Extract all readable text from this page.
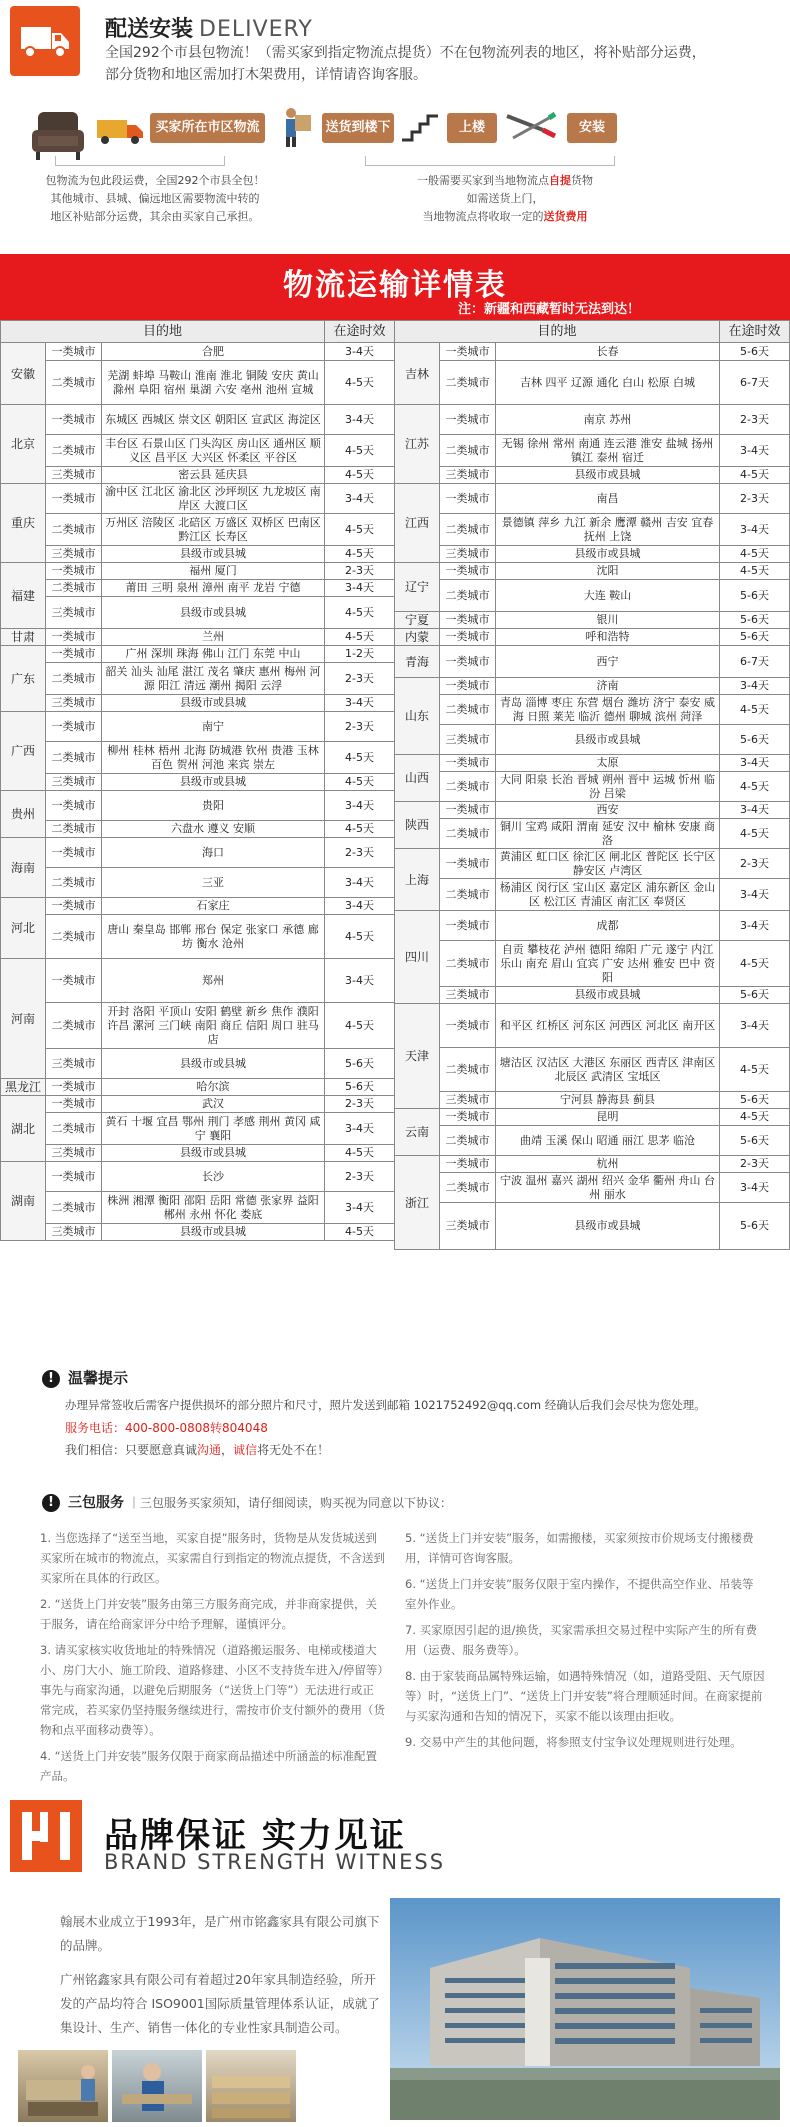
配送安装 DELIVERY
全国292个市县包物流！（需买家到指定物流点提货）不在包物流列表的地区，将补贴部分运费，
部分货物和地区需加打木架费用，详情请咨询客服。
买家所在市区物流点
送货到楼下	上楼	安装
包物流为包此段运费，全国292个市县全包！
其他城市、县城、偏远地区需要物流中转的
地区补贴部分运费，其余由买家自己承担。
一般需要买家到当地物流点自提货物
如需送货上门，
当地物流点将收取一定的送货费用
物流运输详情表
注：新疆和西藏暂时无法到达！
目的地			在途时效	目的地			在途时效
安徽	一类城市	合肥	3-4天	吉林	一类城市	长春	5-6天
	二类城市	芜湖 蚌埠 马鞍山 淮南 淮北 铜陵 安庆 黄山 滁州 阜阳 宿州 巢湖 六安 亳州 池州 宣城	4-5天		二类城市	吉林 四平 辽源 通化 白山 松原 白城	6-7天
北京	一类城市	东城区 西城区 崇文区 朝阳区 宣武区 海淀区	3-4天	江苏	一类城市	南京 苏州	2-3天
	二类城市	丰台区 石景山区 门头沟区 房山区 通州区 顺义区 昌平区 大兴区 怀柔区 平谷区	4-5天		二类城市	无锡 徐州 常州 南通 连云港 淮安 盐城 扬州 镇江 泰州 宿迁	3-4天
	三类城市	密云县 延庆县	4-5天		三类城市	县级市或县城	4-5天
重庆	一类城市	渝中区 江北区 渝北区 沙坪坝区 九龙坡区 南岸区 大渡口区	3-4天	江西	一类城市	南昌	2-3天
	二类城市	万州区 涪陵区 北碚区 万盛区 双桥区 巴南区 黔江区 长寿区	4-5天		二类城市	景德镇 萍乡 九江 新余 鹰潭 赣州 吉安 宜春 抚州 上饶	3-4天
	三类城市	县级市或县城	4-5天		三类城市	县级市或县城	4-5天
福建	一类城市	福州 厦门	2-3天	辽宁	一类城市	沈阳	4-5天
	二类城市	莆田 三明 泉州 漳州 南平 龙岩 宁德	3-4天		二类城市	大连 鞍山	5-6天
	三类城市	县级市或县城	4-5天				
				宁夏	一类城市	银川	5-6天
甘肃	一类城市	兰州	4-5天	内蒙	一类城市	呼和浩特	5-6天
广东	一类城市	广州 深圳 珠海 佛山 江门 东莞 中山	1-2天	青海	一类城市	西宁	6-7天
	二类城市	韶关 汕头 汕尾 湛江 茂名 肇庆 惠州 梅州 河源 阳江 清远 潮州 揭阳 云浮	2-3天				
				山东	一类城市	济南	3-4天
	三类城市	县级市或县城	3-4天		二类城市	青岛 淄博 枣庄 东营 烟台 潍坊 济宁 泰安 威海 日照 莱芜 临沂 德州 聊城 滨州 菏泽	4-5天
广西	一类城市	南宁	2-3天				
					三类城市	县级市或县城	5-6天
	二类城市	柳州 桂林 梧州 北海 防城港 钦州 贵港 玉林 百色 贺州 河池 来宾 崇左	4-5天				
				山西	一类城市	太原	3-4天
					二类城市	大同 阳泉 长治 晋城 朔州 晋中 运城 忻州 临汾 吕梁	4-5天
	三类城市	县级市或县城	4-5天				
贵州	一类城市	贵阳	3-4天				
				陕西	一类城市	西安	3-4天
					二类城市	铜川 宝鸡 咸阳 渭南 延安 汉中 榆林 安康 商洛	4-5天
	二类城市	六盘水 遵义 安顺	4-5天				
海南	一类城市	海口	2-3天				
				上海	一类城市	黄浦区 虹口区 徐汇区 闸北区 普陀区 长宁区 静安区 卢湾区	2-3天
	二类城市	三亚	3-4天				
					二类城市	杨浦区 闵行区 宝山区 嘉定区 浦东新区 金山区 松江区 青浦区 南汇区 奉贤区	3-4天
河北	一类城市	石家庄	3-4天				
				四川	一类城市	成都	3-4天
	二类城市	唐山 秦皇岛 邯郸 邢台 保定 张家口 承德 廊坊 衡水 沧州	4-5天				
					二类城市	自贡 攀枝花 泸州 德阳 绵阳 广元 遂宁 内江 乐山 南充 眉山 宜宾 广安 达州 雅安 巴中 资阳	4-5天
河南	一类城市	郑州	3-4天				
					三类城市	县级市或县城	5-6天
	二类城市	开封 洛阳 平顶山 安阳 鹤壁 新乡 焦作 濮阳 许昌 漯河 三门峡 南阳 商丘 信阳 周口 驻马店	4-5天				
				天津	一类城市	和平区 红桥区 河东区 河西区 河北区 南开区	3-4天
					二类城市	塘沽区 汉沽区 大港区 东丽区 西青区 津南区 北辰区 武清区 宝坻区	4-5天
	三类城市	县级市或县城	5-6天				
黑龙江	一类城市	哈尔滨	5-6天				
					三类城市	宁河县 静海县 蓟县	5-6天
湖北	一类城市	武汉	2-3天				
				云南	一类城市	昆明	4-5天
	二类城市	黄石 十堰 宜昌 鄂州 荆门 孝感 荆州 黄冈 咸宁 襄阳	3-4天				
					二类城市	曲靖 玉溪 保山 昭通 丽江 思茅 临沧	5-6天
	三类城市	县级市或县城	4-5天				
				浙江	一类城市	杭州	2-3天
湖南	一类城市	长沙	2-3天				
					二类城市	宁波 温州 嘉兴 湖州 绍兴 金华 衢州 舟山 台州 丽水	3-4天
	二类城市	株洲 湘潭 衡阳 邵阳 岳阳 常德 张家界 益阳 郴州 永州 怀化 娄底	3-4天				
					三类城市	县级市或县城	5-6天
	三类城市	县级市或县城	4-5天				

! 温馨提示
办理异常签收后需客户提供损坏的部分照片和尺寸，照片发送到邮箱 1021752492@qq.com 经确认后我们会尽快为您处理。
服务电话：400-800-0808转804048
我们相信：只要愿意真诚沟通，诚信将无处不在！
! 三包服务 ｜三包服务买家须知，请仔细阅读，购买视为同意以下协议：

1. 当您选择了“送至当地，买家自提”服务时，货物是从发货城送到买家所在城市的物流点，买家需自行到指定的物流点提货，不含送到买家所在具体的行政区。

2. “送货上门并安装”服务由第三方服务商完成，并非商家提供，关于服务，请在给商家评分中给予理解，谨慎评分。

3. 请买家核实收货地址的特殊情况（道路搬运服务、电梯或楼道大小、房门大小、施工阶段、道路修建、小区不支持货车进入/停留等）事先与商家沟通，以避免后期服务（“送货上门等”）无法进行或正常完成，若买家仍坚持服务继续进行，需按市价支付额外的费用（货物和点平面移动费等）。

4. “送货上门并安装”服务仅限于商家商品描述中所涵盖的标准配置产品。

5. “送货上门并安装”服务，如需搬楼，买家须按市价规场支付搬楼费用，详情可咨询客服。

6. “送货上门并安装”服务仅限于室内操作，不提供高空作业、吊装等室外作业。

7. 买家原因引起的退/换货，买家需承担交易过程中实际产生的所有费用（运费、服务费等）。

8. 由于家装商品属特殊运输，如遇特殊情况（如，道路受阻、天气原因等）时，“送货上门”、“送货上门并安装”将合理顺延时间。在商家提前与买家沟通和告知的情况下，买家不能以该理由拒收。

9. 交易中产生的其他问题，将参照支付宝争议处理规则进行处理。

品牌保证 实力见证
BRAND STRENGTH WITNESS
翰展木业成立于1993年，是广州市铭鑫家具有限公司旗下的品牌。
广州铭鑫家具有限公司有着超过20年家具制造经验，所开发的产品均符合 ISO9001国际质量管理体系认证，成就了集设计、生产、销售一体化的专业性家具制造公司。
